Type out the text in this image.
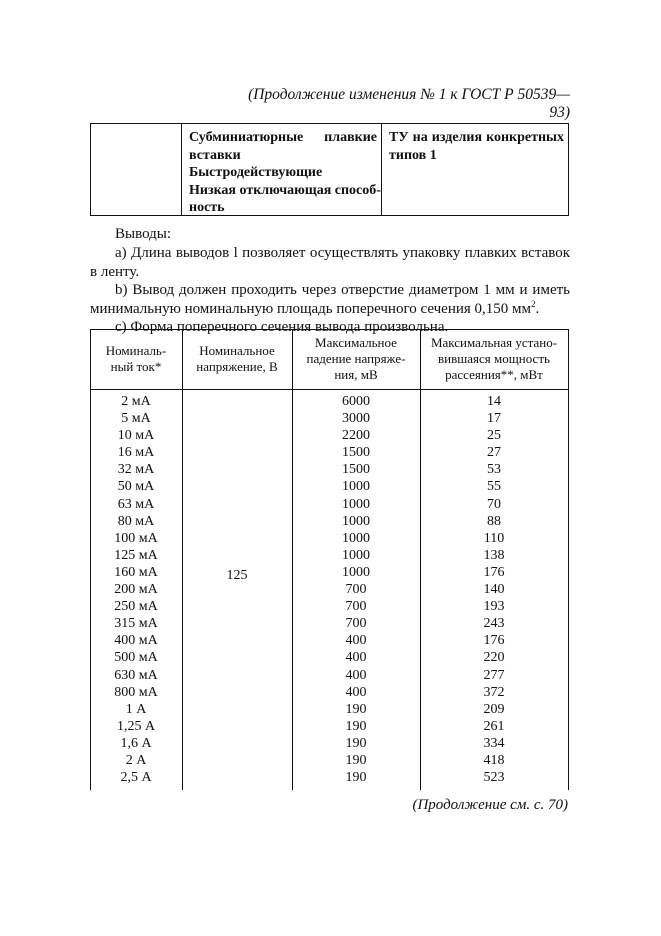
(Продолжение изменения № 1 к ГОСТ Р 50539—93)
Субминиатюрные плавкие
вставки
Быстродействующие
Низкая отключающая способ-
ность
ТУ на изделия конкретных
типов 1
Выводы:
а) Длина выводов l позволяет осуществлять упаковку плавких вставок
в ленту.
b) Вывод должен проходить через отверстие диаметром 1 мм и иметь
минимальную номинальную площадь поперечного сечения 0,150 $мм^2$.
с) Форма поперечного сечения вывода произвольна.
Номиналь-
ный ток*
Номинальное
напряжение, В
Максимальное
падение напряже-
ния, мВ
Максимальная устано-
вившаяся мощность
рассеяния**, мВт
2 мА
5 мА
10 мА
16 мА
32 мА
50 мА
63 мА
80 мА
100 мА
125 мА
160 мА
200 мА
250 мА
315 мА
400 мА
500 мА
630 мА
800 мА
1 А
1,25 А
1,6 А
2 А
2,5 А
125
6000
3000
2200
1500
1500
1000
1000
1000
1000
1000
1000
700
700
700
400
400
400
400
190
190
190
190
190
14
17
25
27
53
55
70
88
110
138
176
140
193
243
176
220
277
372
209
261
334
418
523
(Продолжение см. с. 70)
